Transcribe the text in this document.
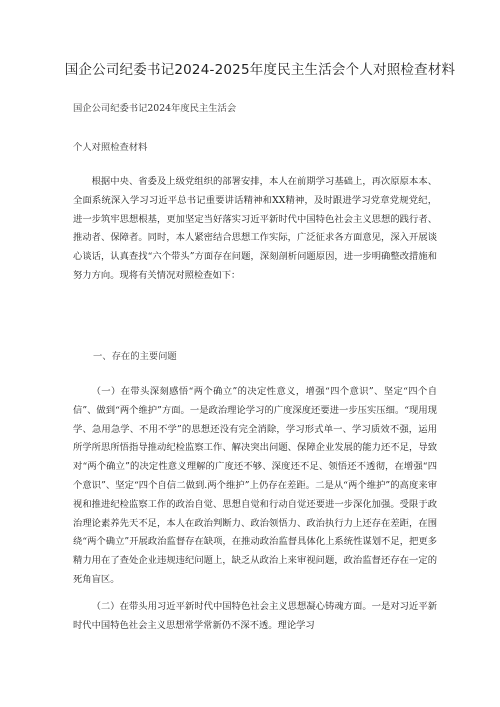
国企公司纪委书记2024-2025年度民主生活会个人对照检查材料
国企公司纪委书记2024年度民主生活会
个人对照检查材料

根据中央、省委及上级党组织的部署安排，本人在前期学习基础上，再次原原本本、全面系统深入学习习近平总书记重要讲话精神和XX精神，及时跟进学习党章党规党纪，进一步筑牢思想根基，更加坚定当好落实习近平新时代中国特色社会主义思想的践行者、推动者、保障者。同时，本人紧密结合思想工作实际，广泛征求各方面意见，深入开展谈心谈话，认真查找“六个带头”方面存在问题，深刻剖析问题原因，进一步明确整改措施和努力方向。现将有关情况对照检查如下：

一、存在的主要问题

（一）在带头深刻感悟“两个确立”的决定性意义，增强“四个意识”、坚定“四个自信”、做到“两个维护”方面。一是政治理论学习的广度深度还要进一步压实压细。“现用现学、急用急学、不用不学”的思想还没有完全消除，学习形式单一、学习质效不强，运用所学所思所悟指导推动纪检监察工作、解决突出问题、保障企业发展的能力还不足，导致对“两个确立”的决定性意义理解的广度还不够、深度还不足、领悟还不透彻，在增强“四个意识”、坚定“四个自信二做到.两个维护”上仍存在差距。二是从“两个维护”的高度来审视和推进纪检监察工作的政治自觉、思想自觉和行动自觉还要进一步深化加强。受限于政治理论素养先天不足，本人在政治判断力、政治领悟力、政治执行力上还存在差距，在围绕“两个确立”开展政治监督存在缺项，在推动政治监督具体化上系统性谋划不足，把更多精力用在了查处企业违规违纪问题上，缺乏从政治上来审视问题，政治监督还存在一定的死角盲区。

（二）在带头用习近平新时代中国特色社会主义思想凝心铸魂方面。一是对习近平新时代中国特色社会主义思想常学常新仍不深不透。理论学习
